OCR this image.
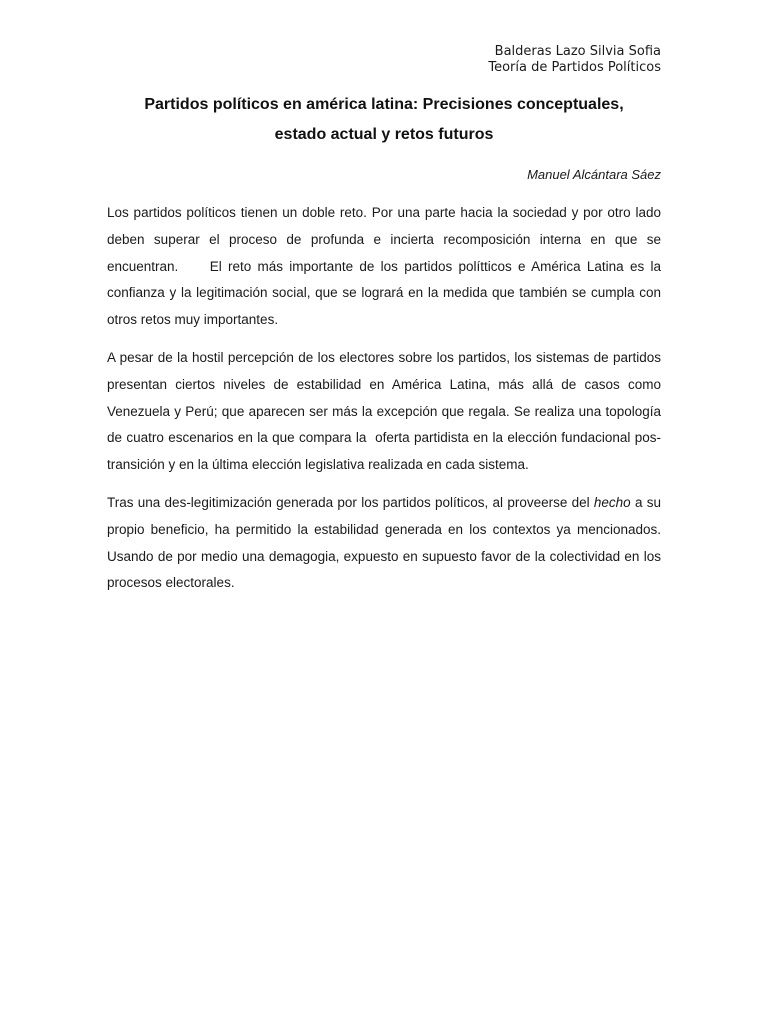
Balderas Lazo Silvia Sofia
Teoría de Partidos Políticos
Partidos políticos en américa latina: Precisiones conceptuales,
estado actual y retos futuros
Manuel Alcántara Sáez

Los partidos políticos tienen un doble reto. Por una parte hacia la sociedad y por otro lado deben superar el proceso de profunda e incierta recomposición interna en que se encuentran.     El reto más importante de los partidos polítticos e América Latina es la confianza y la legitimación social, que se logrará en la medida que también se cumpla con otros retos muy importantes.

A pesar de la hostil percepción de los electores sobre los partidos, los sistemas de partidos presentan ciertos niveles de estabilidad en América Latina, más allá de casos como Venezuela y Perú; que aparecen ser más la excepción que regala. Se realiza una topología de cuatro escenarios en la que compara la  oferta partidista en la elección fundacional pos-transición y en la última elección legislativa realizada en cada sistema.

Tras una des-legitimización generada por los partidos políticos, al proveerse del hecho a su propio beneficio, ha permitido la estabilidad generada en los contextos ya mencionados. Usando de por medio una demagogia, expuesto en supuesto favor de la colectividad en los procesos electorales.
